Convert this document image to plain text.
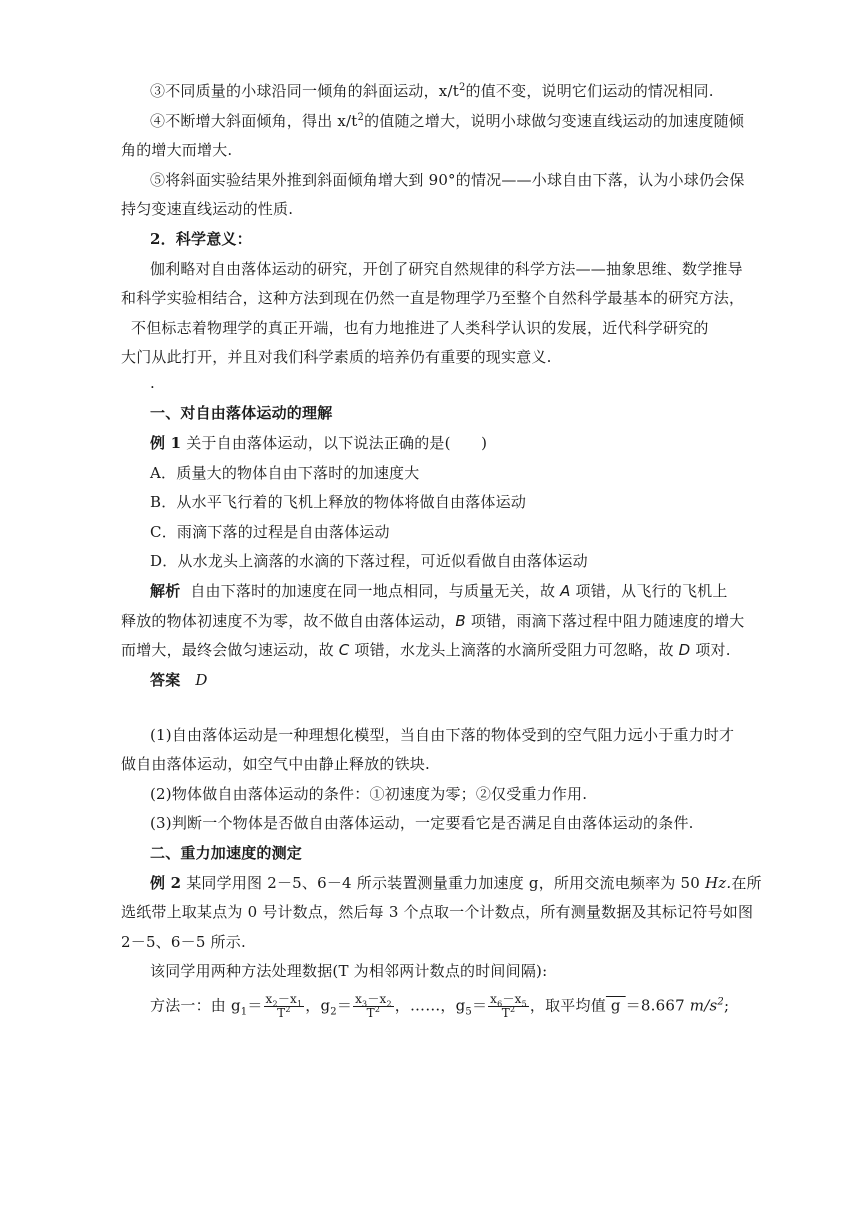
③不同质量的小球沿同一倾角的斜面运动，$x/t^2$的值不变，说明它们运动的情况相同.
④不断增大斜面倾角，得出 $x/t^2$的值随之增大，说明小球做匀变速直线运动的加速度随倾
角的增大而增大.
⑤将斜面实验结果外推到斜面倾角增大到 90°的情况——小球自由下落，认为小球仍会保
持匀变速直线运动的性质.
2．科学意义：
伽利略对自由落体运动的研究，开创了研究自然规律的科学方法——抽象思维、数学推导
和科学实验相结合，这种方法到现在仍然一直是物理学乃至整个自然科学最基本的研究方法，
不但标志着物理学的真正开端，也有力地推进了人类科学认识的发展，近代科学研究的
大门从此打开，并且对我们科学素质的培养仍有重要的现实意义.
.
一、对自由落体运动的理解
例 1 关于自由落体运动，以下说法正确的是(　　)
A．质量大的物体自由下落时的加速度大
B．从水平飞行着的飞机上释放的物体将做自由落体运动
C．雨滴下落的过程是自由落体运动
D．从水龙头上滴落的水滴的下落过程，可近似看做自由落体运动
解析 自由下落时的加速度在同一地点相同，与质量无关，故 A 项错，从飞行的飞机上
释放的物体初速度不为零，故不做自由落体运动，B 项错，雨滴下落过程中阻力随速度的增大
而增大，最终会做匀速运动，故 C 项错，水龙头上滴落的水滴所受阻力可忽略，故 D 项对.
答案 D
(1)自由落体运动是一种理想化模型，当自由下落的物体受到的空气阻力远小于重力时才
做自由落体运动，如空气中由静止释放的铁块.
(2)物体做自由落体运动的条件：①初速度为零；②仅受重力作用.
(3)判断一个物体是否做自由落体运动，一定要看它是否满足自由落体运动的条件.
二、重力加速度的测定
例 2 某同学用图 2－5、6－4 所示装置测量重力加速度 g，所用交流电频率为 50 Hz.在所
选纸带上取某点为 0 号计数点，然后每 3 个点取一个计数点，所有测量数据及其标记符号如图
2－5、6－5 所示.
该同学用两种方法处理数据(T 为相邻两计数点的时间间隔):
方法一：由 $g_1= \frac{x_2-x_1}{T^2}$ ，$g_2= \frac{x_3-x_2}{T^2}$ ，……，$g_5= \frac{x_6-x_5}{T^2}$ ，取平均值 g ＝8.667 $m/s^2$;
